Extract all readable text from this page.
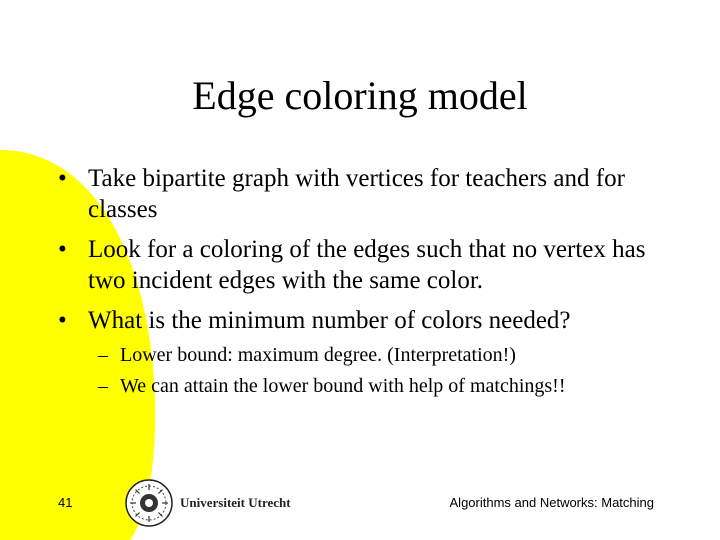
Edge coloring model
• Take bipartite graph with vertices for teachers and for classes
• Look for a coloring of the edges such that no vertex has two incident edges with the same color.
• What is the minimum number of colors needed?
– Lower bound: maximum degree. (Interpretation!)
– We can attain the lower bound with help of matchings!!
41	Universiteit Utrecht	Algorithms and Networks: Matching
